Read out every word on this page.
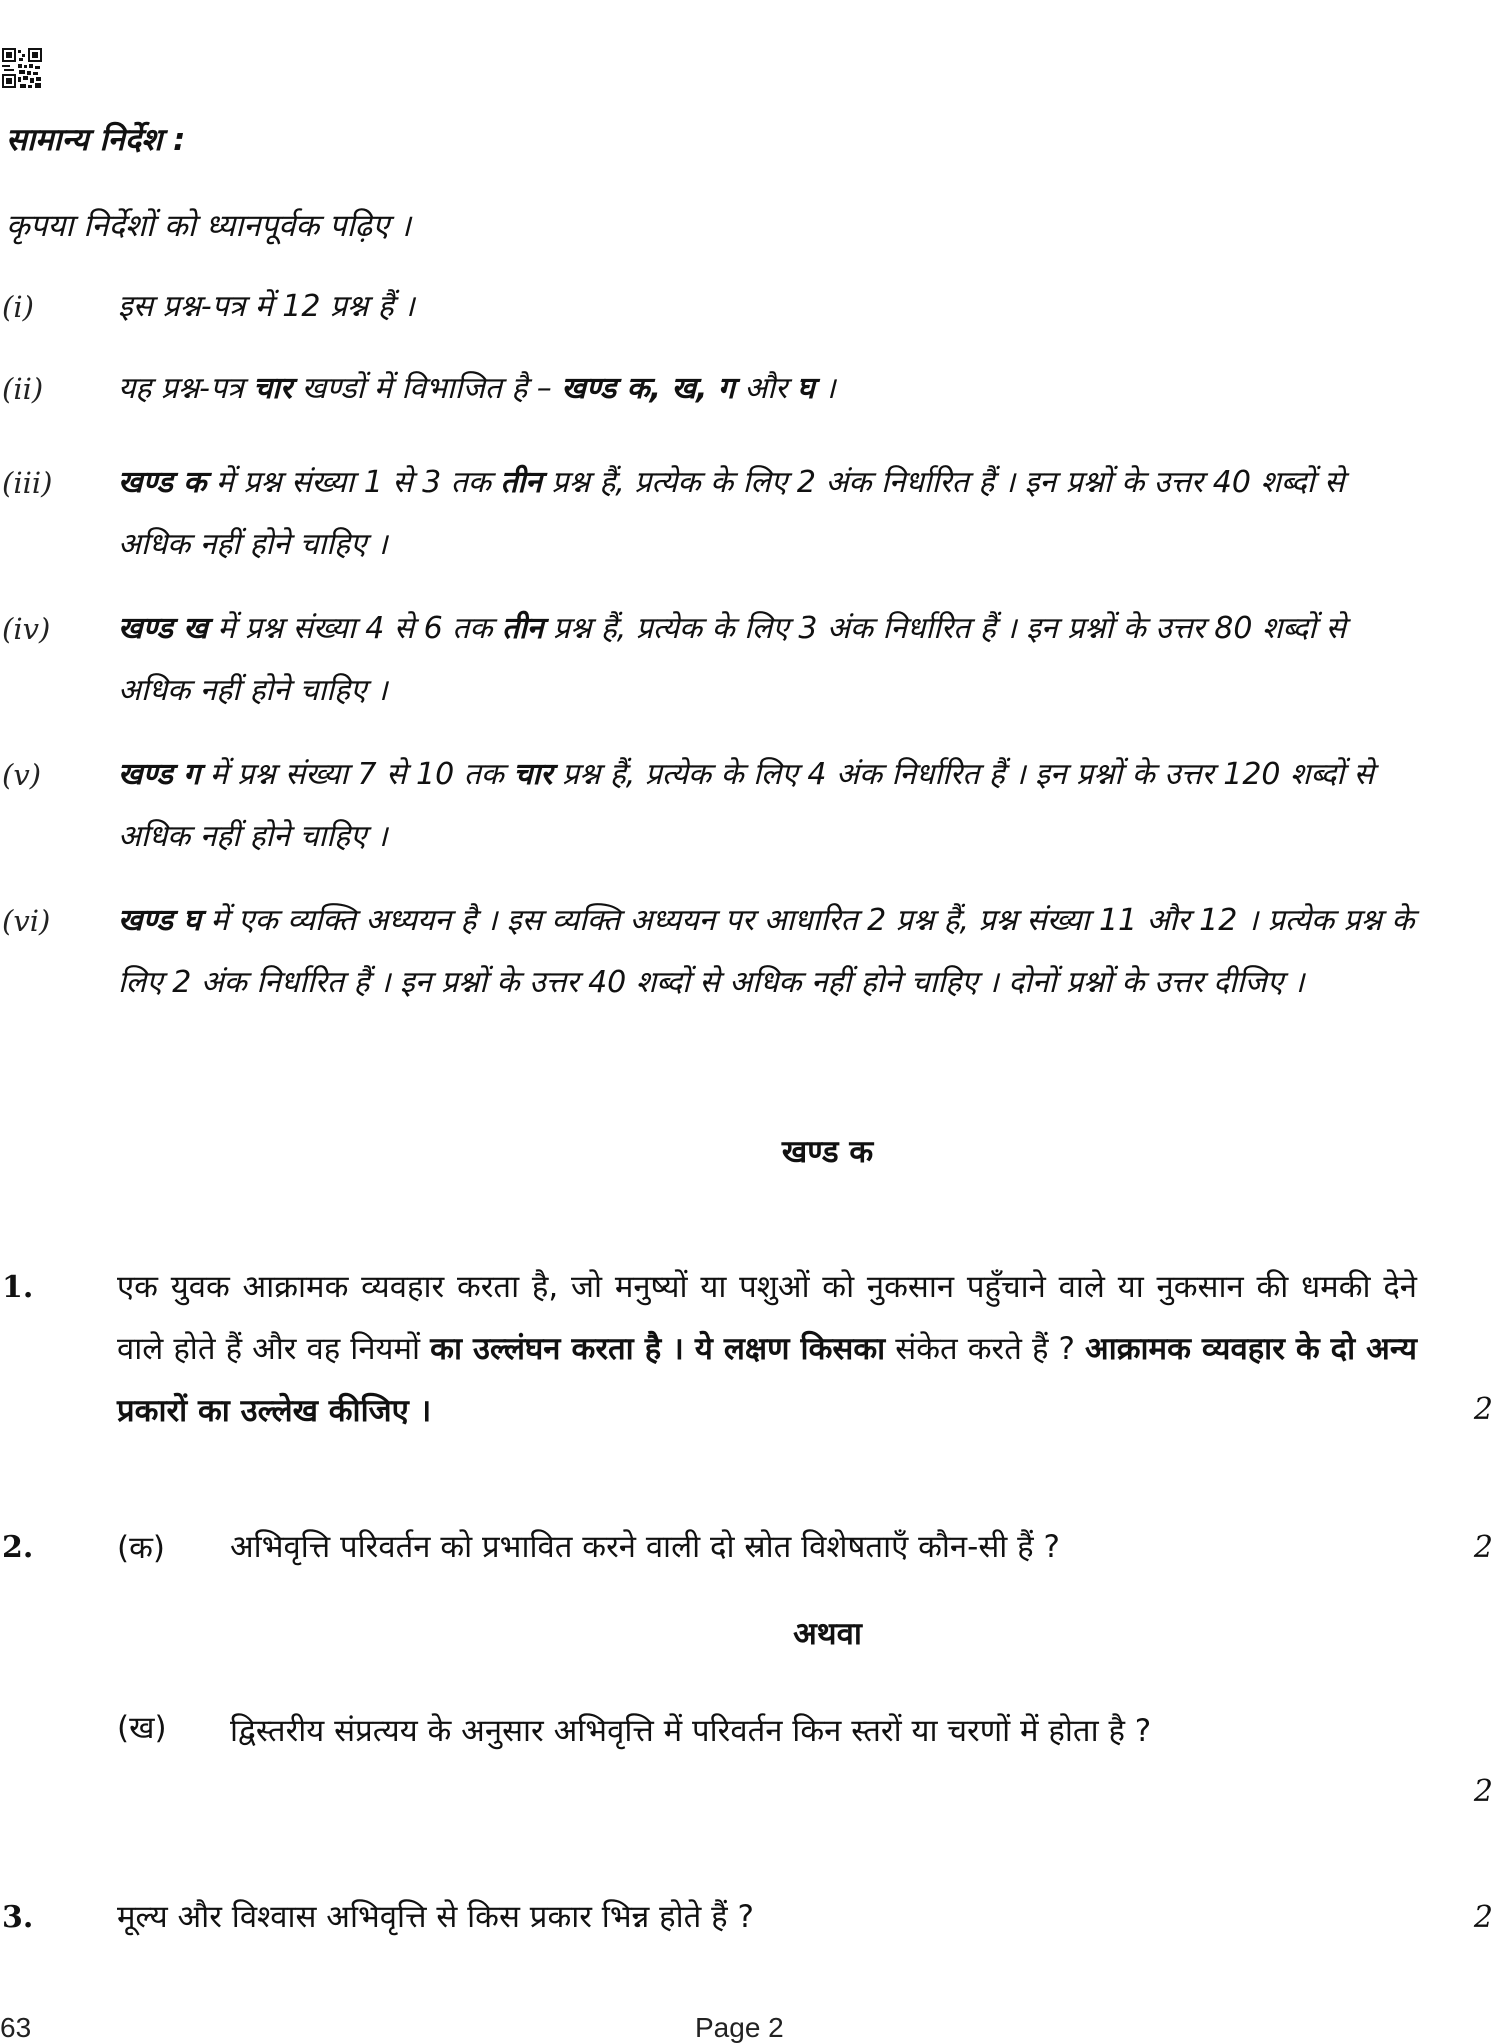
सामान्य निर्देश :
कृपया निर्देशों को ध्यानपूर्वक पढ़िए ।
(i)	इस प्रश्न-पत्र में 12 प्रश्न हैं ।
(ii) यह प्रश्न-पत्र चार खण्डों में विभाजित है – खण्ड क, ख, ग और घ ।
(iii) खण्ड क में प्रश्न संख्या 1 से 3 तक तीन प्रश्न हैं, प्रत्येक के लिए 2 अंक निर्धारित हैं । इन प्रश्नों के उत्तर 40 शब्दों से अधिक नहीं होने चाहिए ।
(iv) खण्ड ख में प्रश्न संख्या 4 से 6 तक तीन प्रश्न हैं, प्रत्येक के लिए 3 अंक निर्धारित हैं । इन प्रश्नों के उत्तर 80 शब्दों से अधिक नहीं होने चाहिए ।
(v)	खण्ड ग में प्रश्न संख्या 7 से 10 तक चार प्रश्न हैं, प्रत्येक के लिए 4 अंक निर्धारित हैं । इन प्रश्नों के उत्तर 120 शब्दों से अधिक नहीं होने चाहिए ।
(vi) खण्ड घ में एक व्यक्ति अध्ययन है । इस व्यक्ति अध्ययन पर आधारित 2 प्रश्न हैं, प्रश्न संख्या 11 और 12 । प्रत्येक प्रश्न के लिए 2 अंक निर्धारित हैं । इन प्रश्नों के उत्तर 40 शब्दों से अधिक नहीं होने चाहिए । दोनों प्रश्नों के उत्तर दीजिए ।
खण्ड क
1.	एक युवक आक्रामक व्यवहार करता है, जो मनुष्यों या पशुओं को नुकसान पहुँचाने वाले या नुकसान की धमकी देने वाले होते हैं और वह नियमों का उल्लंघन करता है । ये लक्षण किसका संकेत करते हैं ? आक्रामक व्यवहार के दो अन्य प्रकारों का उल्लेख कीजिए ।	2
2.	(क) अभिवृत्ति परिवर्तन को प्रभावित करने वाली दो स्रोत विशेषताएँ कौन-सी हैं ?	2
अथवा
(ख) द्विस्तरीय संप्रत्यय के अनुसार अभिवृत्ति में परिवर्तन किन स्तरों या चरणों में होता है ?
2
3.	मूल्य और विश्वास अभिवृत्ति से किस प्रकार भिन्न होते हैं ?	2
63	Page 2
